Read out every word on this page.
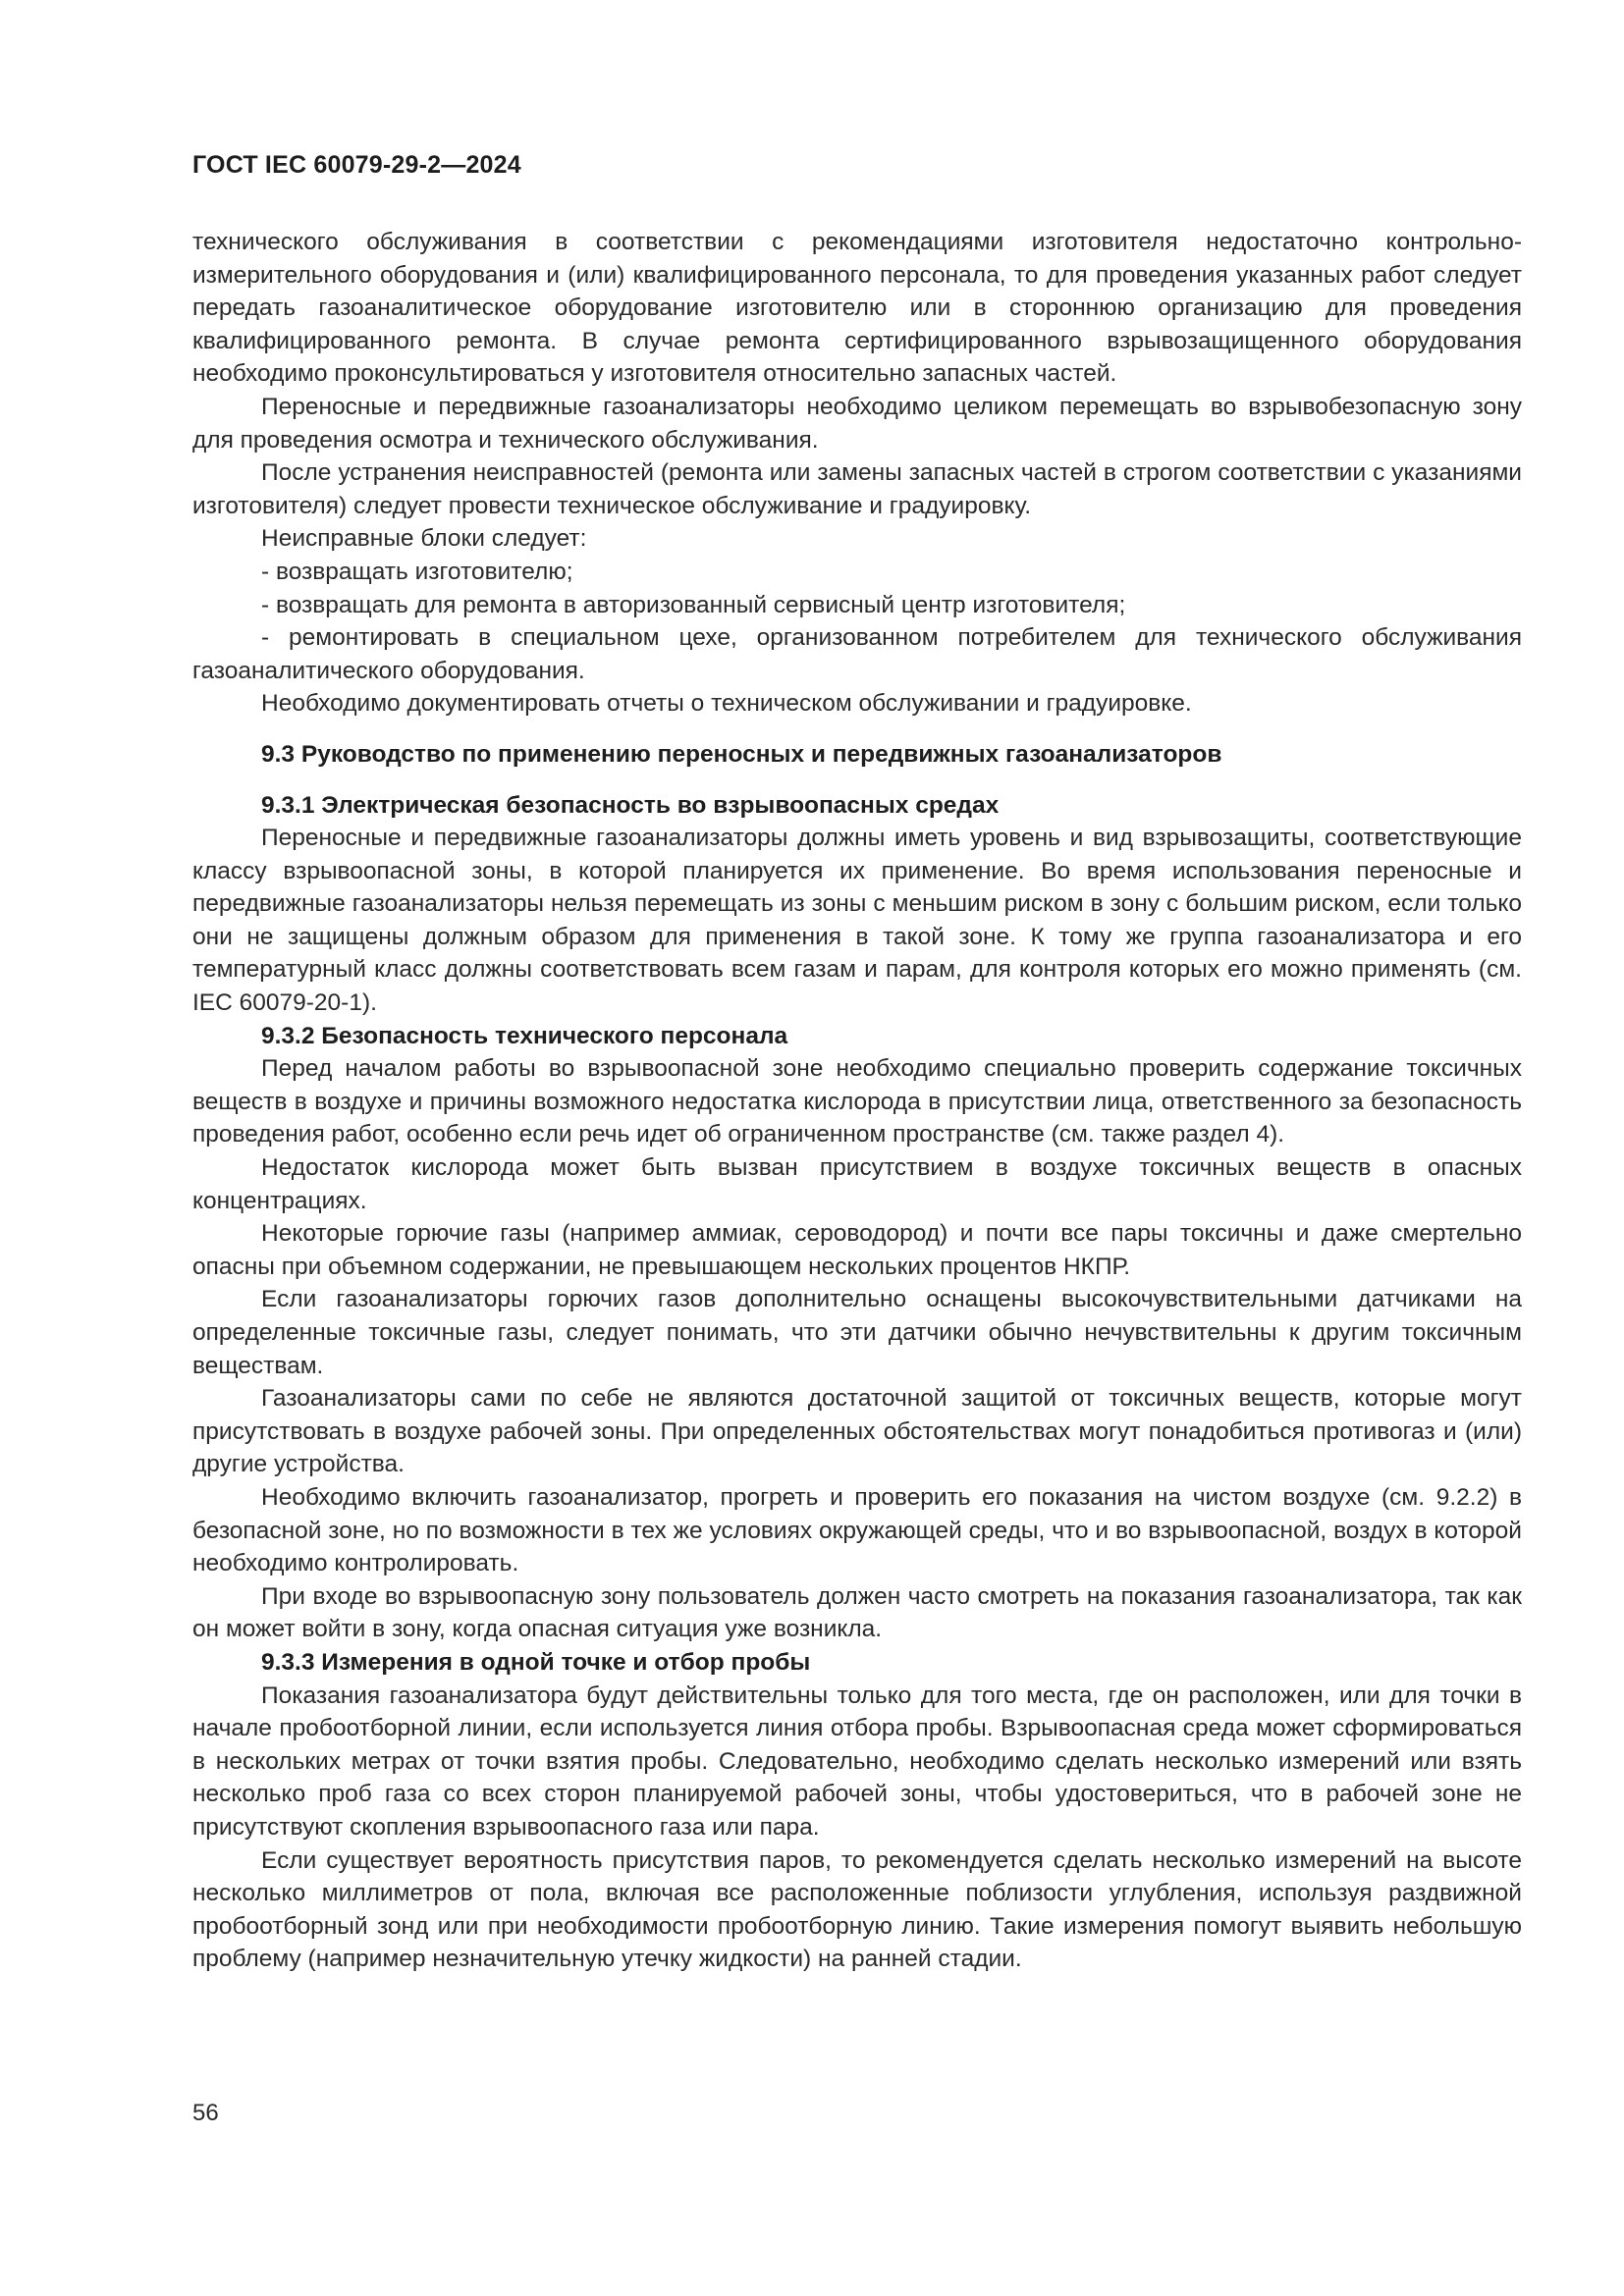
ГОСТ IEC 60079-29-2—2024

технического обслуживания в соответствии с рекомендациями изготовителя недостаточно контрольно-измерительного оборудования и (или) квалифицированного персонала, то для проведения указанных работ следует передать газоаналитическое оборудование изготовителю или в стороннюю организацию для проведения квалифицированного ремонта. В случае ремонта сертифицированного взрывозащищенного оборудования необходимо проконсультироваться у изготовителя относительно запасных частей.

Переносные и передвижные газоанализаторы необходимо целиком перемещать во взрывобезопасную зону для проведения осмотра и технического обслуживания.

После устранения неисправностей (ремонта или замены запасных частей в строгом соответствии с указаниями изготовителя) следует провести техническое обслуживание и градуировку.

Неисправные блоки следует:

- возвращать изготовителю;

- возвращать для ремонта в авторизованный сервисный центр изготовителя;

- ремонтировать в специальном цехе, организованном потребителем для технического обслуживания газоаналитического оборудования.

Необходимо документировать отчеты о техническом обслуживании и градуировке.

9.3 Руководство по применению переносных и передвижных газоанализаторов

9.3.1 Электрическая безопасность во взрывоопасных средах

Переносные и передвижные газоанализаторы должны иметь уровень и вид взрывозащиты, соответствующие классу взрывоопасной зоны, в которой планируется их применение. Во время использования переносные и передвижные газоанализаторы нельзя перемещать из зоны с меньшим риском в зону с большим риском, если только они не защищены должным образом для применения в такой зоне. К тому же группа газоанализатора и его температурный класс должны соответствовать всем газам и парам, для контроля которых его можно применять (см. IEC 60079-20-1).

9.3.2 Безопасность технического персонала

Перед началом работы во взрывоопасной зоне необходимо специально проверить содержание токсичных веществ в воздухе и причины возможного недостатка кислорода в присутствии лица, ответственного за безопасность проведения работ, особенно если речь идет об ограниченном пространстве (см. также раздел 4).

Недостаток кислорода может быть вызван присутствием в воздухе токсичных веществ в опасных концентрациях.

Некоторые горючие газы (например аммиак, сероводород) и почти все пары токсичны и даже смертельно опасны при объемном содержании, не превышающем нескольких процентов НКПР.

Если газоанализаторы горючих газов дополнительно оснащены высокочувствительными датчиками на определенные токсичные газы, следует понимать, что эти датчики обычно нечувствительны к другим токсичным веществам.

Газоанализаторы сами по себе не являются достаточной защитой от токсичных веществ, которые могут присутствовать в воздухе рабочей зоны. При определенных обстоятельствах могут понадобиться противогаз и (или) другие устройства.

Необходимо включить газоанализатор, прогреть и проверить его показания на чистом воздухе (см. 9.2.2) в безопасной зоне, но по возможности в тех же условиях окружающей среды, что и во взрывоопасной, воздух в которой необходимо контролировать.

При входе во взрывоопасную зону пользователь должен часто смотреть на показания газоанализатора, так как он может войти в зону, когда опасная ситуация уже возникла.

9.3.3 Измерения в одной точке и отбор пробы

Показания газоанализатора будут действительны только для того места, где он расположен, или для точки в начале пробоотборной линии, если используется линия отбора пробы. Взрывоопасная среда может сформироваться в нескольких метрах от точки взятия пробы. Следовательно, необходимо сделать несколько измерений или взять несколько проб газа со всех сторон планируемой рабочей зоны, чтобы удостовериться, что в рабочей зоне не присутствуют скопления взрывоопасного газа или пара.

Если существует вероятность присутствия паров, то рекомендуется сделать несколько измерений на высоте несколько миллиметров от пола, включая все расположенные поблизости углубления, используя раздвижной пробоотборный зонд или при необходимости пробоотборную линию. Такие измерения помогут выявить небольшую проблему (например незначительную утечку жидкости) на ранней стадии.

56
